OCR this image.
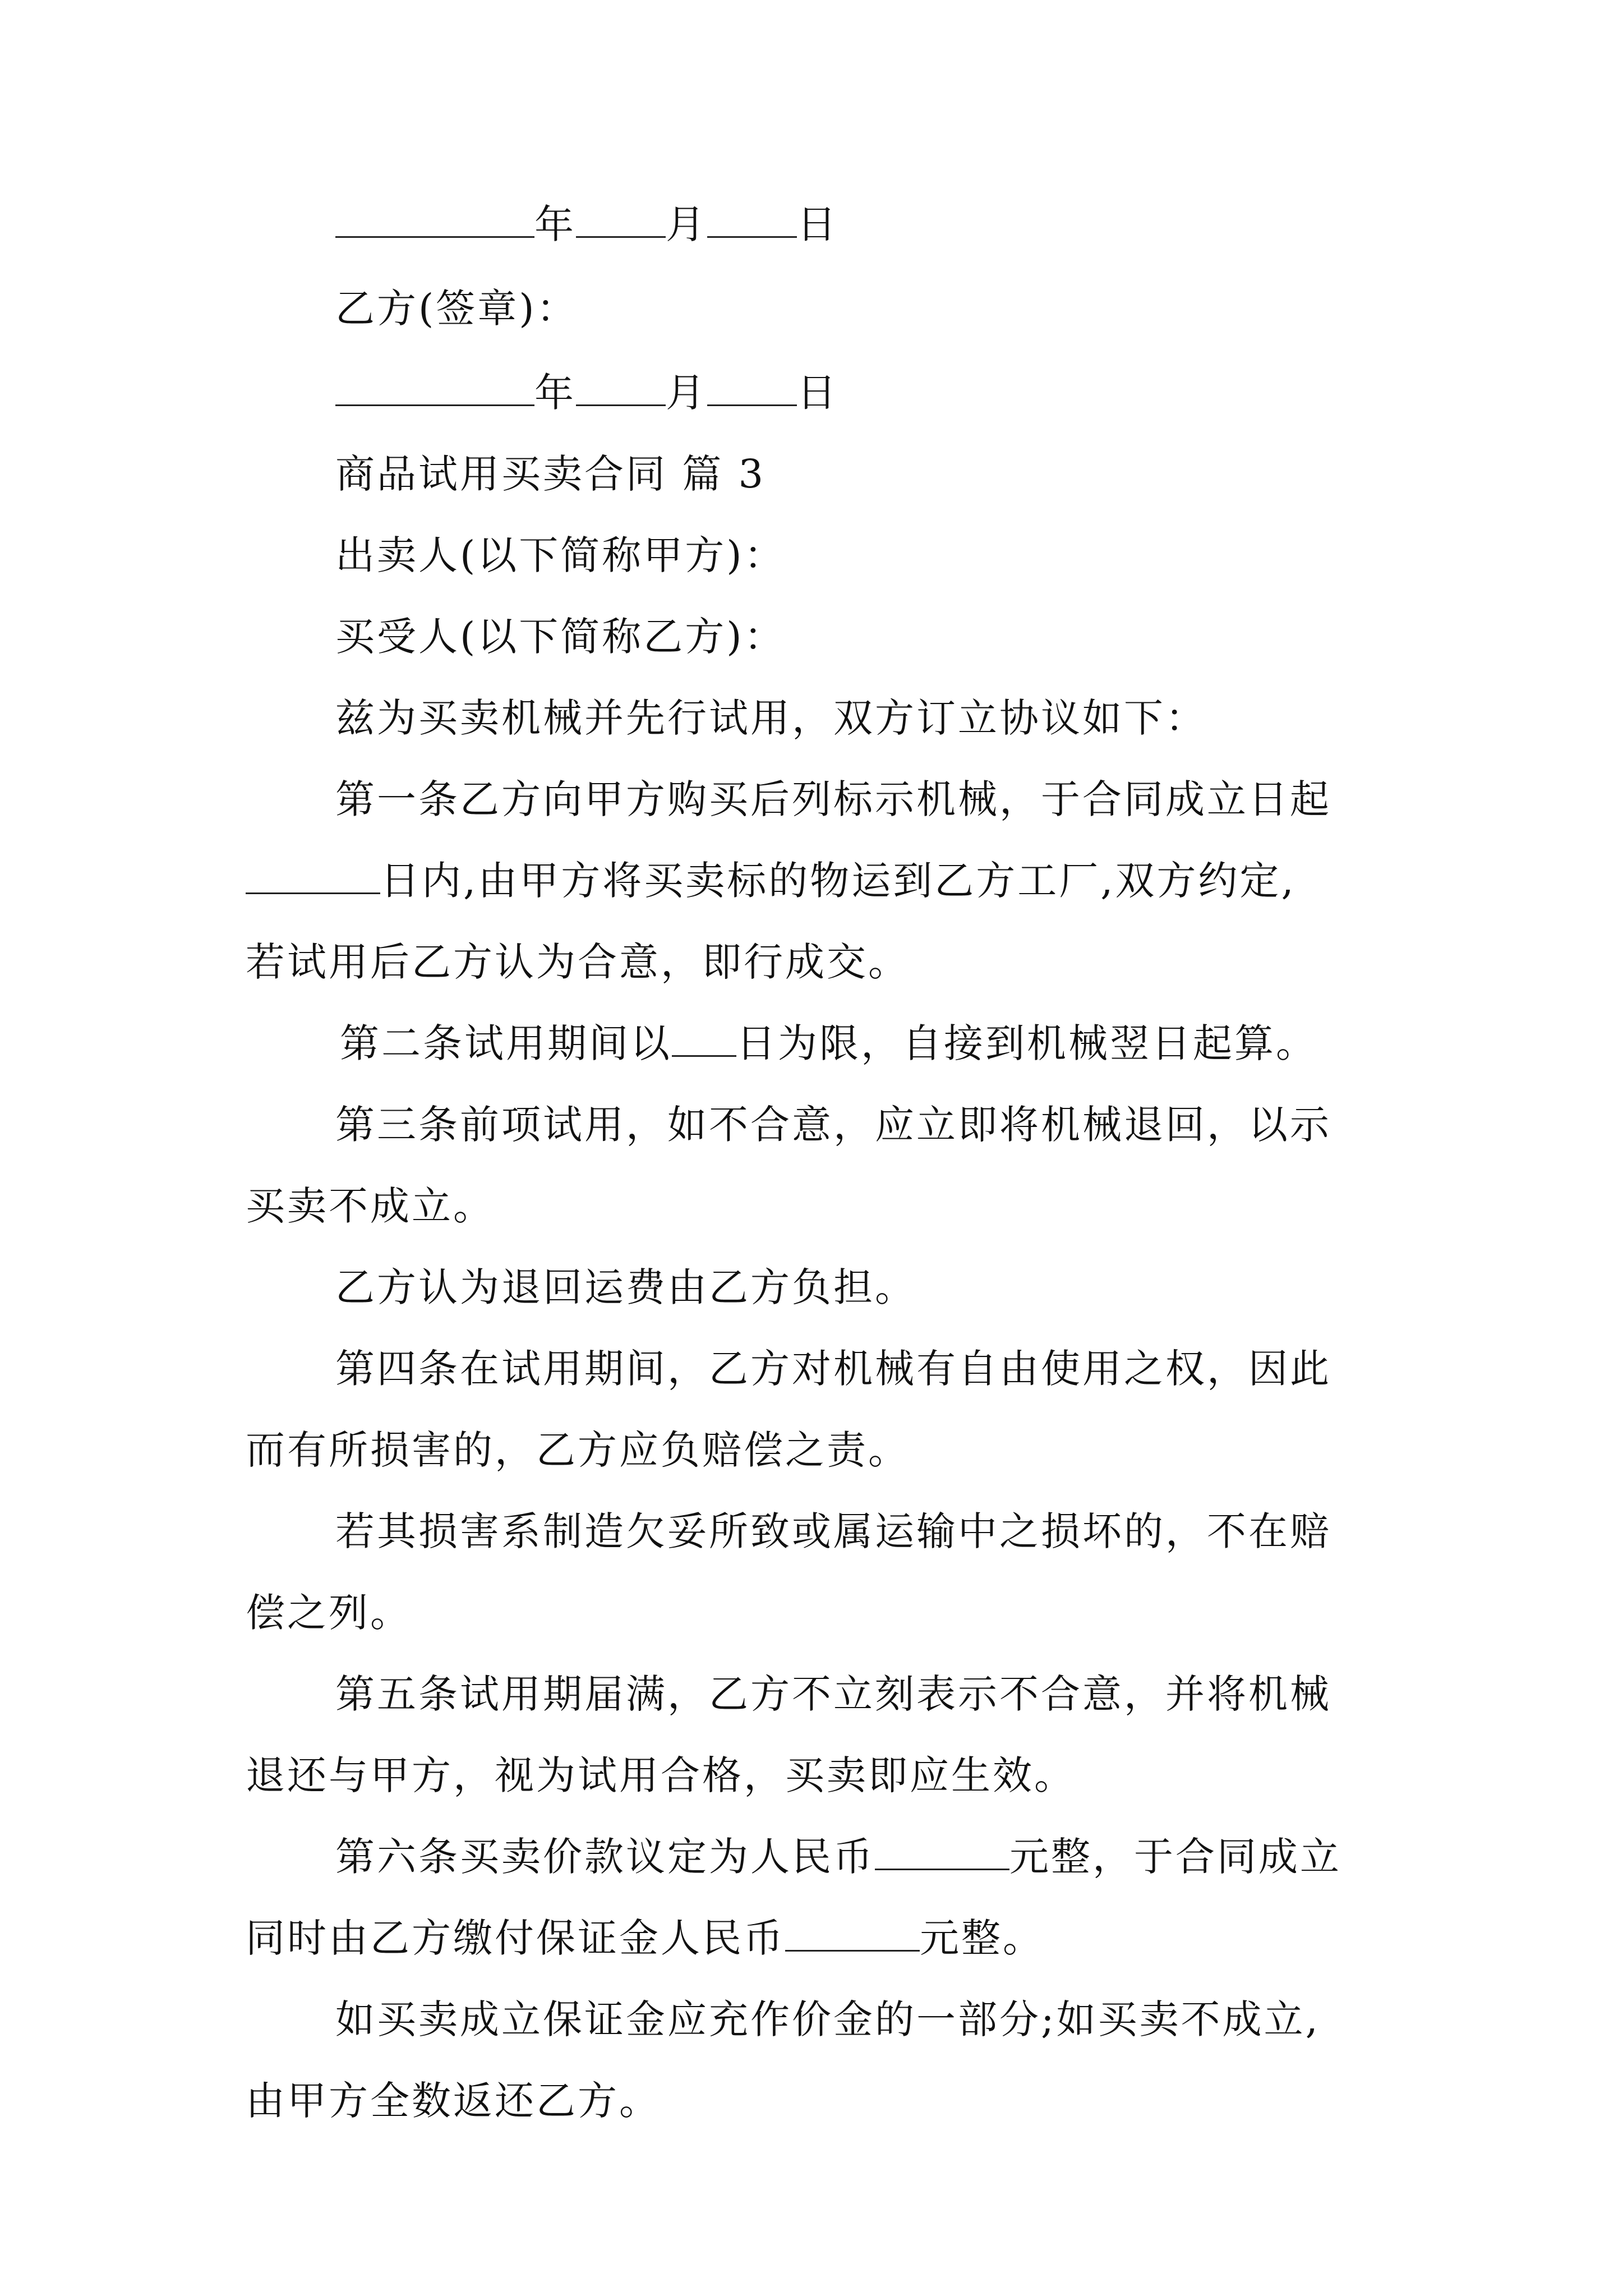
年 月 日
乙方(签章)：
年 月 日
商品试用买卖合同 篇 3
出卖人(以下简称甲方)：
买受人(以下简称乙方)：
兹为买卖机械并先行试用，双方订立协议如下：
第一条乙方向甲方购买后列标示机械，于合同成立日起
日内,由甲方将买卖标的物运到乙方工厂,双方约定,
若试用后乙方认为合意，即行成交。
第二条试用期间以 日为限，自接到机械翌日起算。
第三条前项试用，如不合意，应立即将机械退回，以示
买卖不成立。
乙方认为退回运费由乙方负担。
第四条在试用期间，乙方对机械有自由使用之权，因此
而有所损害的，乙方应负赔偿之责。
若其损害系制造欠妥所致或属运输中之损坏的，不在赔
偿之列。
第五条试用期届满，乙方不立刻表示不合意，并将机械
退还与甲方，视为试用合格，买卖即应生效。
第六条买卖价款议定为人民币	元整，于合同成立
同时由乙方缴付保证金人民币	元整。
如买卖成立保证金应充作价金的一部分;如买卖不成立,
由甲方全数返还乙方。
